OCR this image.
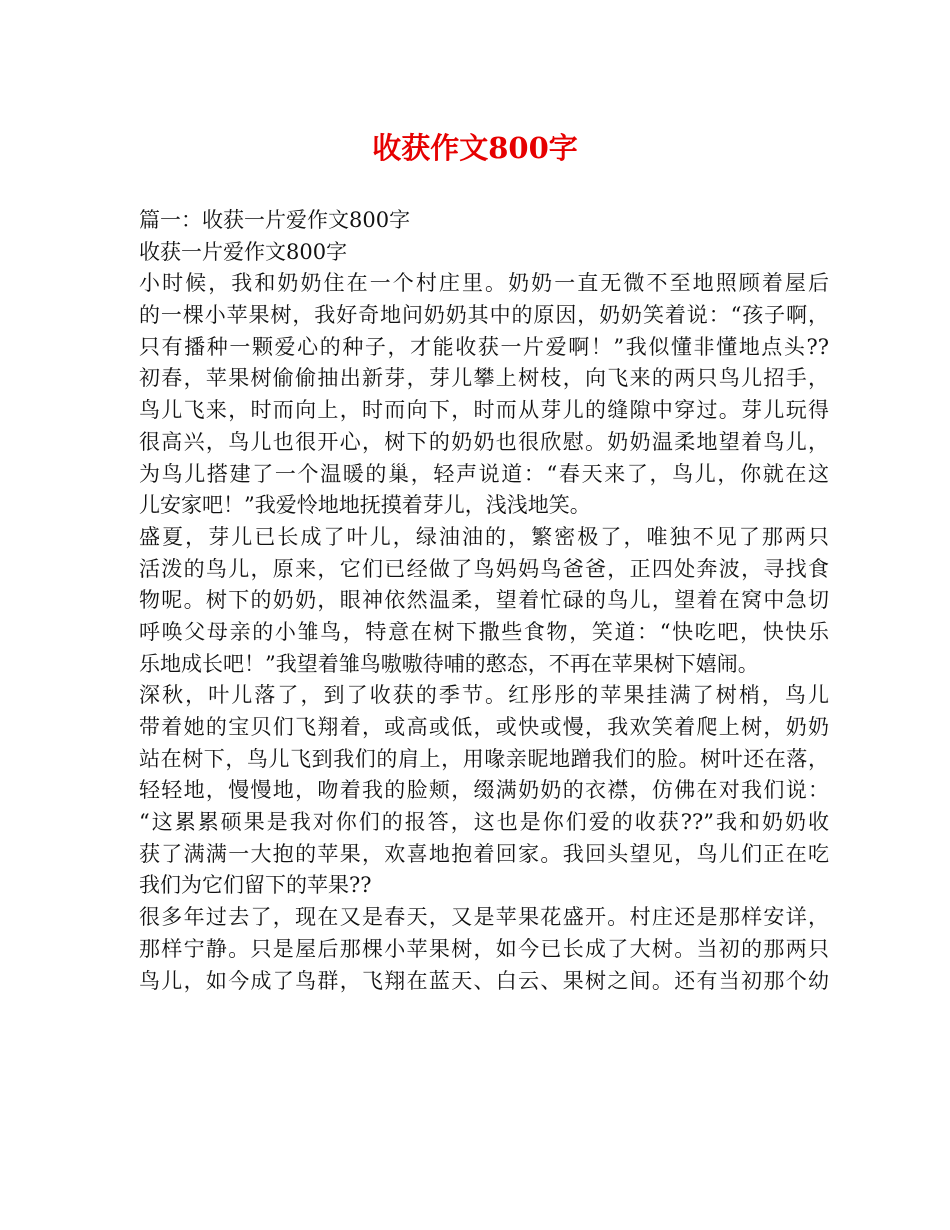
收获作文800字

篇一：收获一片爱作文800字

收获一片爱作文800字

小时候，我和奶奶住在一个村庄里。奶奶一直无微不至地照顾着屋后

的一棵小苹果树，我好奇地问奶奶其中的原因，奶奶笑着说：“孩子啊，

只有播种一颗爱心的种子，才能收获一片爱啊！”我似懂非懂地点头??

初春，苹果树偷偷抽出新芽，芽儿攀上树枝，向飞来的两只鸟儿招手，

鸟儿飞来，时而向上，时而向下，时而从芽儿的缝隙中穿过。芽儿玩得

很高兴，鸟儿也很开心，树下的奶奶也很欣慰。奶奶温柔地望着鸟儿，

为鸟儿搭建了一个温暖的巢，轻声说道：“春天来了，鸟儿，你就在这

儿安家吧！”我爱怜地地抚摸着芽儿，浅浅地笑。

盛夏，芽儿已长成了叶儿，绿油油的，繁密极了，唯独不见了那两只

活泼的鸟儿，原来，它们已经做了鸟妈妈鸟爸爸，正四处奔波，寻找食

物呢。树下的奶奶，眼神依然温柔，望着忙碌的鸟儿，望着在窝中急切

呼唤父母亲的小雏鸟，特意在树下撒些食物，笑道：“快吃吧，快快乐

乐地成长吧！”我望着雏鸟嗷嗷待哺的憨态，不再在苹果树下嬉闹。

深秋，叶儿落了，到了收获的季节。红彤彤的苹果挂满了树梢，鸟儿

带着她的宝贝们飞翔着，或高或低，或快或慢，我欢笑着爬上树，奶奶

站在树下，鸟儿飞到我们的肩上，用喙亲昵地蹭我们的脸。树叶还在落，

轻轻地，慢慢地，吻着我的脸颊，缀满奶奶的衣襟，仿佛在对我们说：

“这累累硕果是我对你们的报答，这也是你们爱的收获??”我和奶奶收

获了满满一大抱的苹果，欢喜地抱着回家。我回头望见，鸟儿们正在吃

我们为它们留下的苹果??

很多年过去了，现在又是春天，又是苹果花盛开。村庄还是那样安详，

那样宁静。只是屋后那棵小苹果树，如今已长成了大树。当初的那两只

鸟儿，如今成了鸟群，飞翔在蓝天、白云、果树之间。还有当初那个幼
